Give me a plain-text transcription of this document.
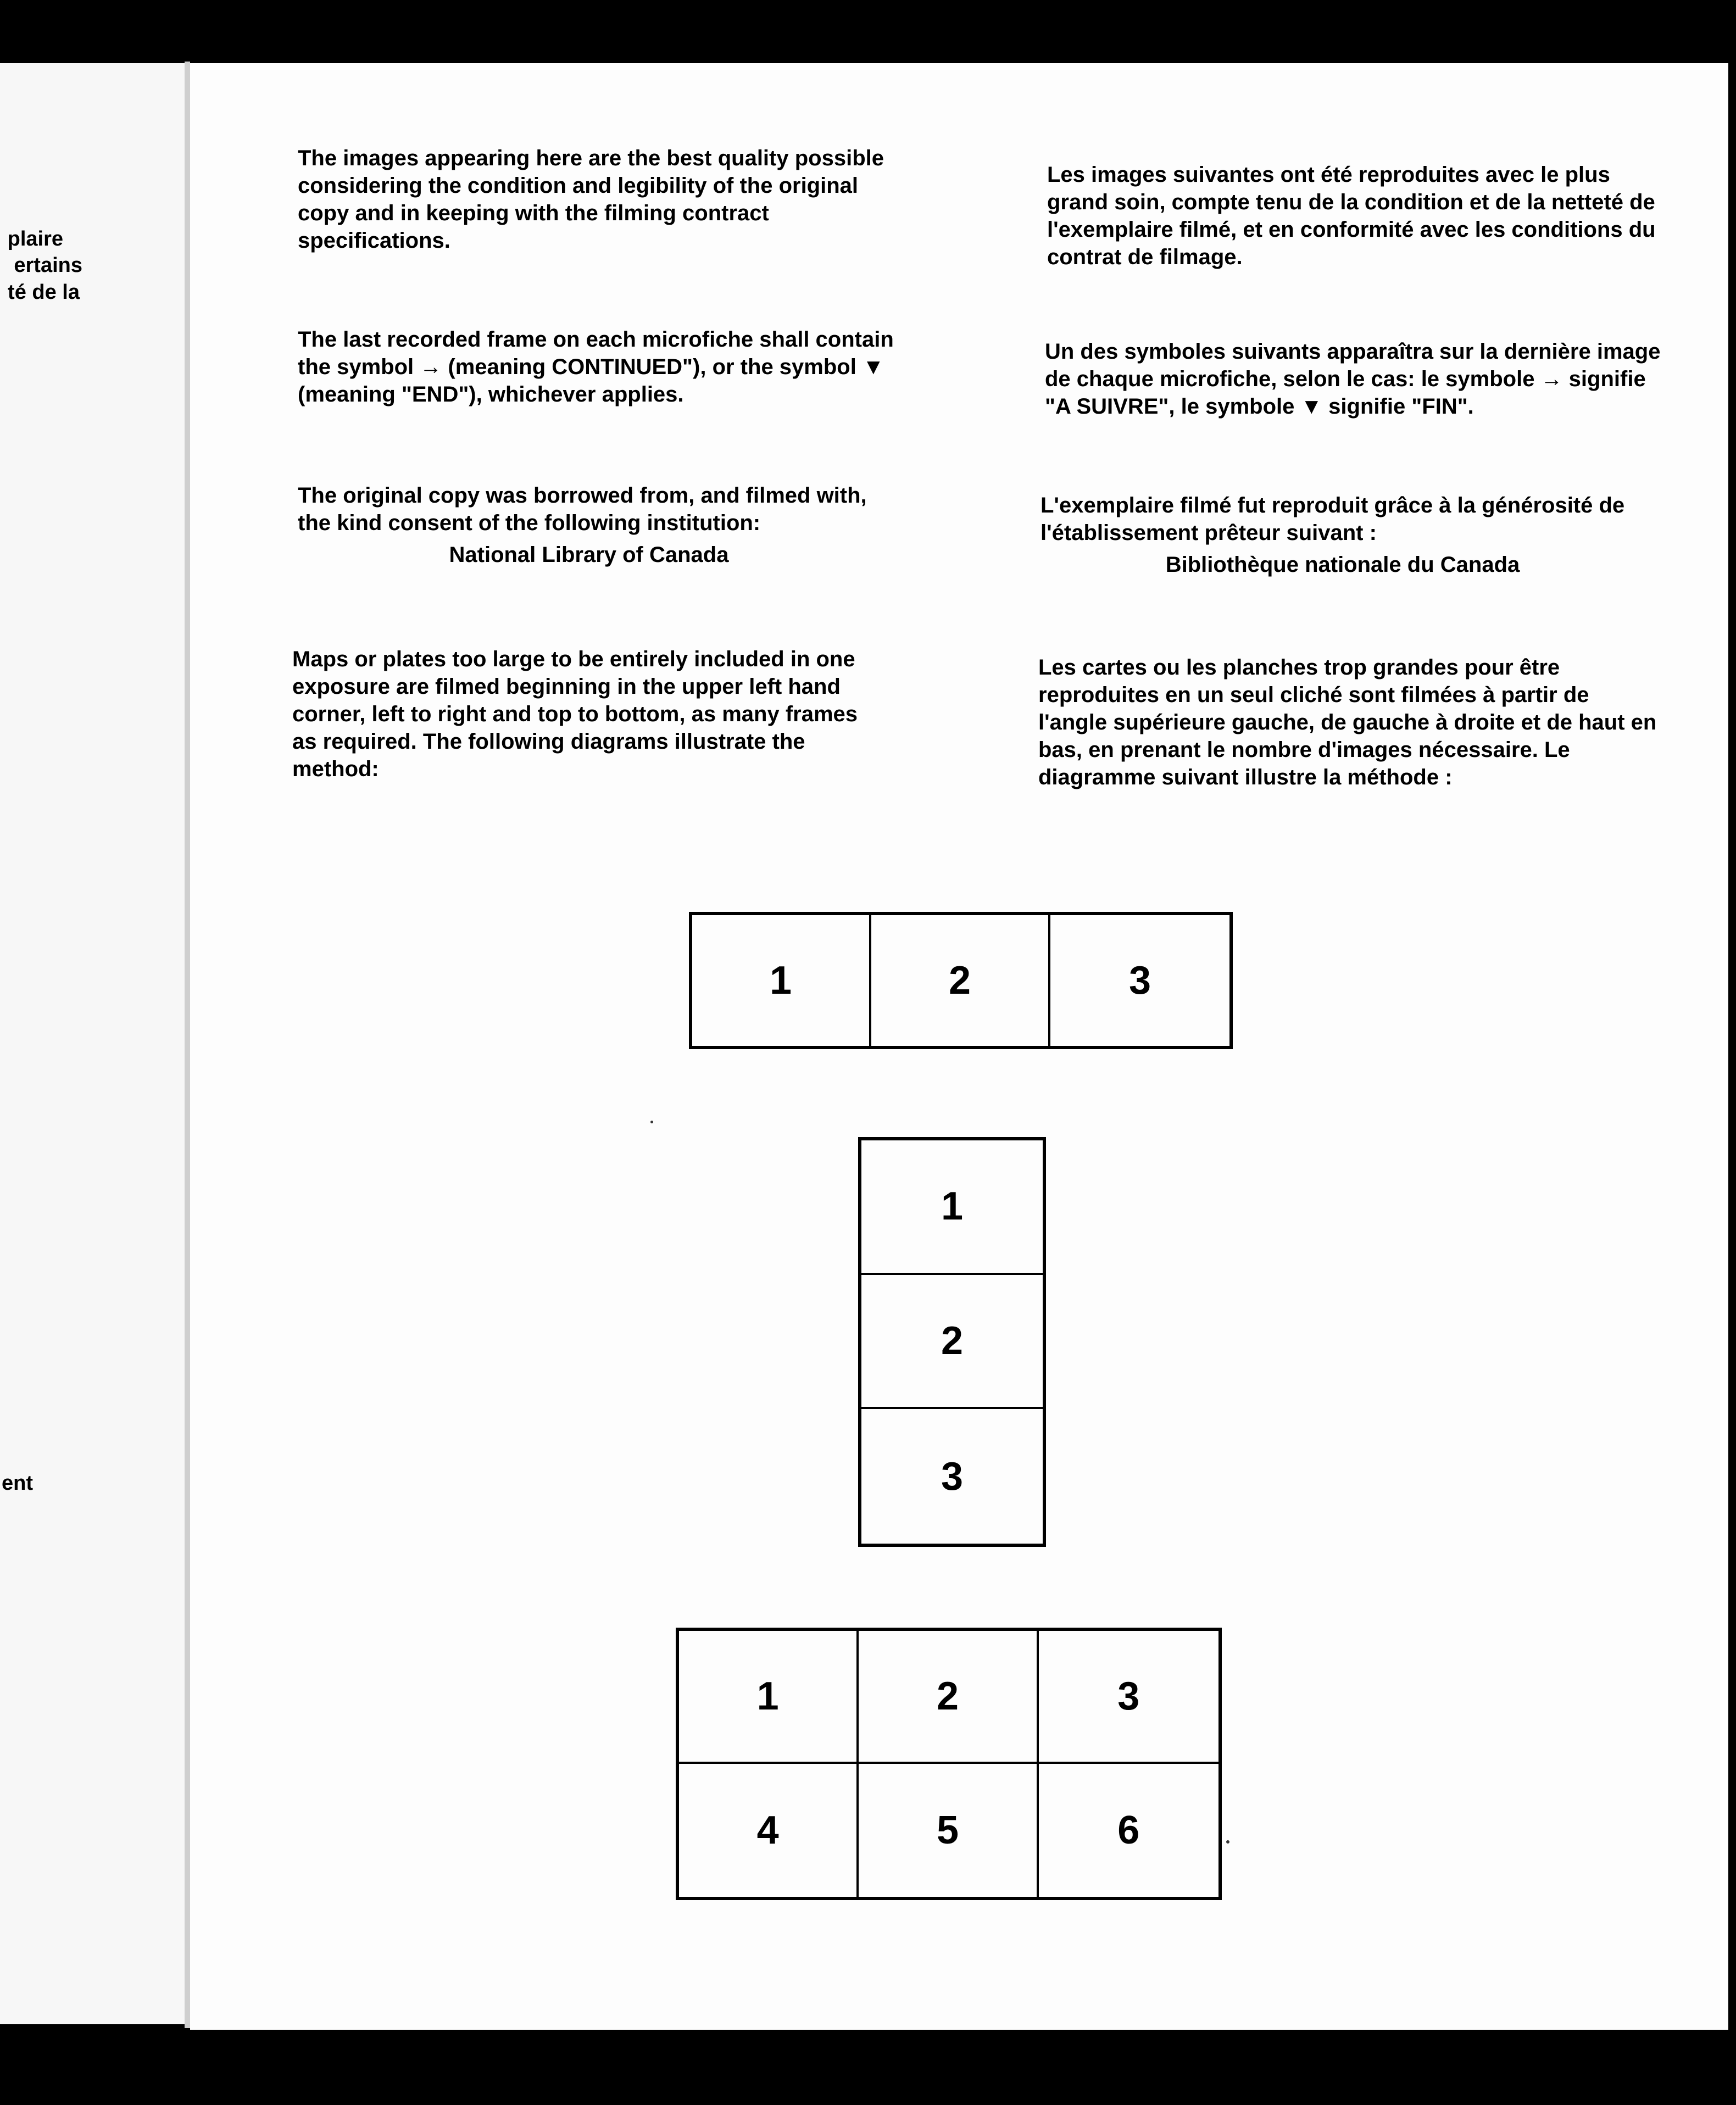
plaire
ertains
té de la
ent

The images appearing here are the best quality possible considering the condition and legibility of the original copy and in keeping with the filming contract specifications.

The last recorded frame on each microfiche shall contain the symbol → (meaning CONTINUED"), or the symbol ▼ (meaning "END"), whichever applies.

The original copy was borrowed from, and filmed with, the kind consent of the following institution:

National Library of Canada

Maps or plates too large to be entirely included in one exposure are filmed beginning in the upper left hand corner, left to right and top to bottom, as many frames as required. The following diagrams illustrate the method:

Les images suivantes ont été reproduites avec le plus grand soin, compte tenu de la condition et de la netteté de l'exemplaire filmé, et en conformité avec les conditions du contrat de filmage.

Un des symboles suivants apparaîtra sur la dernière image de chaque microfiche, selon le cas: le symbole → signifie "A SUIVRE", le symbole ▼ signifie "FIN".

L'exemplaire filmé fut reproduit grâce à la générosité de l'établissement prêteur suivant :

Bibliothèque nationale du Canada

Les cartes ou les planches trop grandes pour être reproduites en un seul cliché sont filmées à partir de l'angle supérieure gauche, de gauche à droite et de haut en bas, en prenant le nombre d'images nécessaire. Le diagramme suivant illustre la méthode :

1	2	3
1
2
3
1	2	3
4	5	6
